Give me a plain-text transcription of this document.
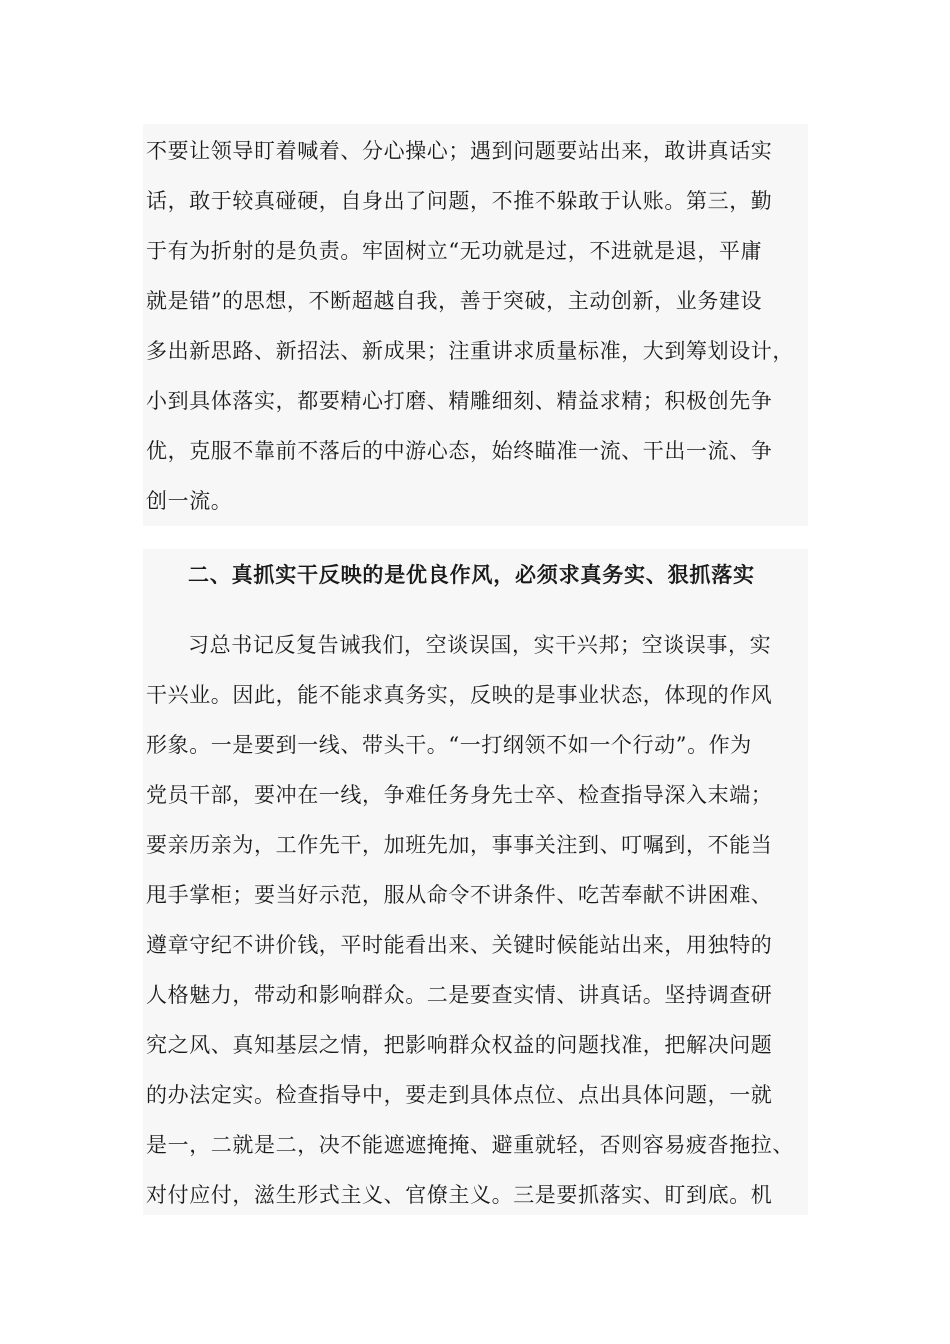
不要让领导盯着喊着、分心操心；遇到问题要站出来，敢讲真话实
话，敢于较真碰硬，自身出了问题，不推不躲敢于认账。第三，勤
于有为折射的是负责。牢固树立“无功就是过，不进就是退，平庸
就是错”的思想，不断超越自我，善于突破，主动创新，业务建设
多出新思路、新招法、新成果；注重讲求质量标准，大到筹划设计，
小到具体落实，都要精心打磨、精雕细刻、精益求精；积极创先争
优，克服不靠前不落后的中游心态，始终瞄准一流、干出一流、争
创一流。
二、真抓实干反映的是优良作风，必须求真务实、狠抓落实
习总书记反复告诫我们，空谈误国，实干兴邦；空谈误事，实
干兴业。因此，能不能求真务实，反映的是事业状态，体现的作风
形象。一是要到一线、带头干。“一打纲领不如一个行动”。作为
党员干部，要冲在一线，争难任务身先士卒、检查指导深入末端；
要亲历亲为，工作先干，加班先加，事事关注到、叮嘱到，不能当
甩手掌柜；要当好示范，服从命令不讲条件、吃苦奉献不讲困难、
遵章守纪不讲价钱，平时能看出来、关键时候能站出来，用独特的
人格魅力，带动和影响群众。二是要查实情、讲真话。坚持调查研
究之风、真知基层之情，把影响群众权益的问题找准，把解决问题
的办法定实。检查指导中，要走到具体点位、点出具体问题，一就
是一，二就是二，决不能遮遮掩掩、避重就轻，否则容易疲沓拖拉、
对付应付，滋生形式主义、官僚主义。三是要抓落实、盯到底。机
